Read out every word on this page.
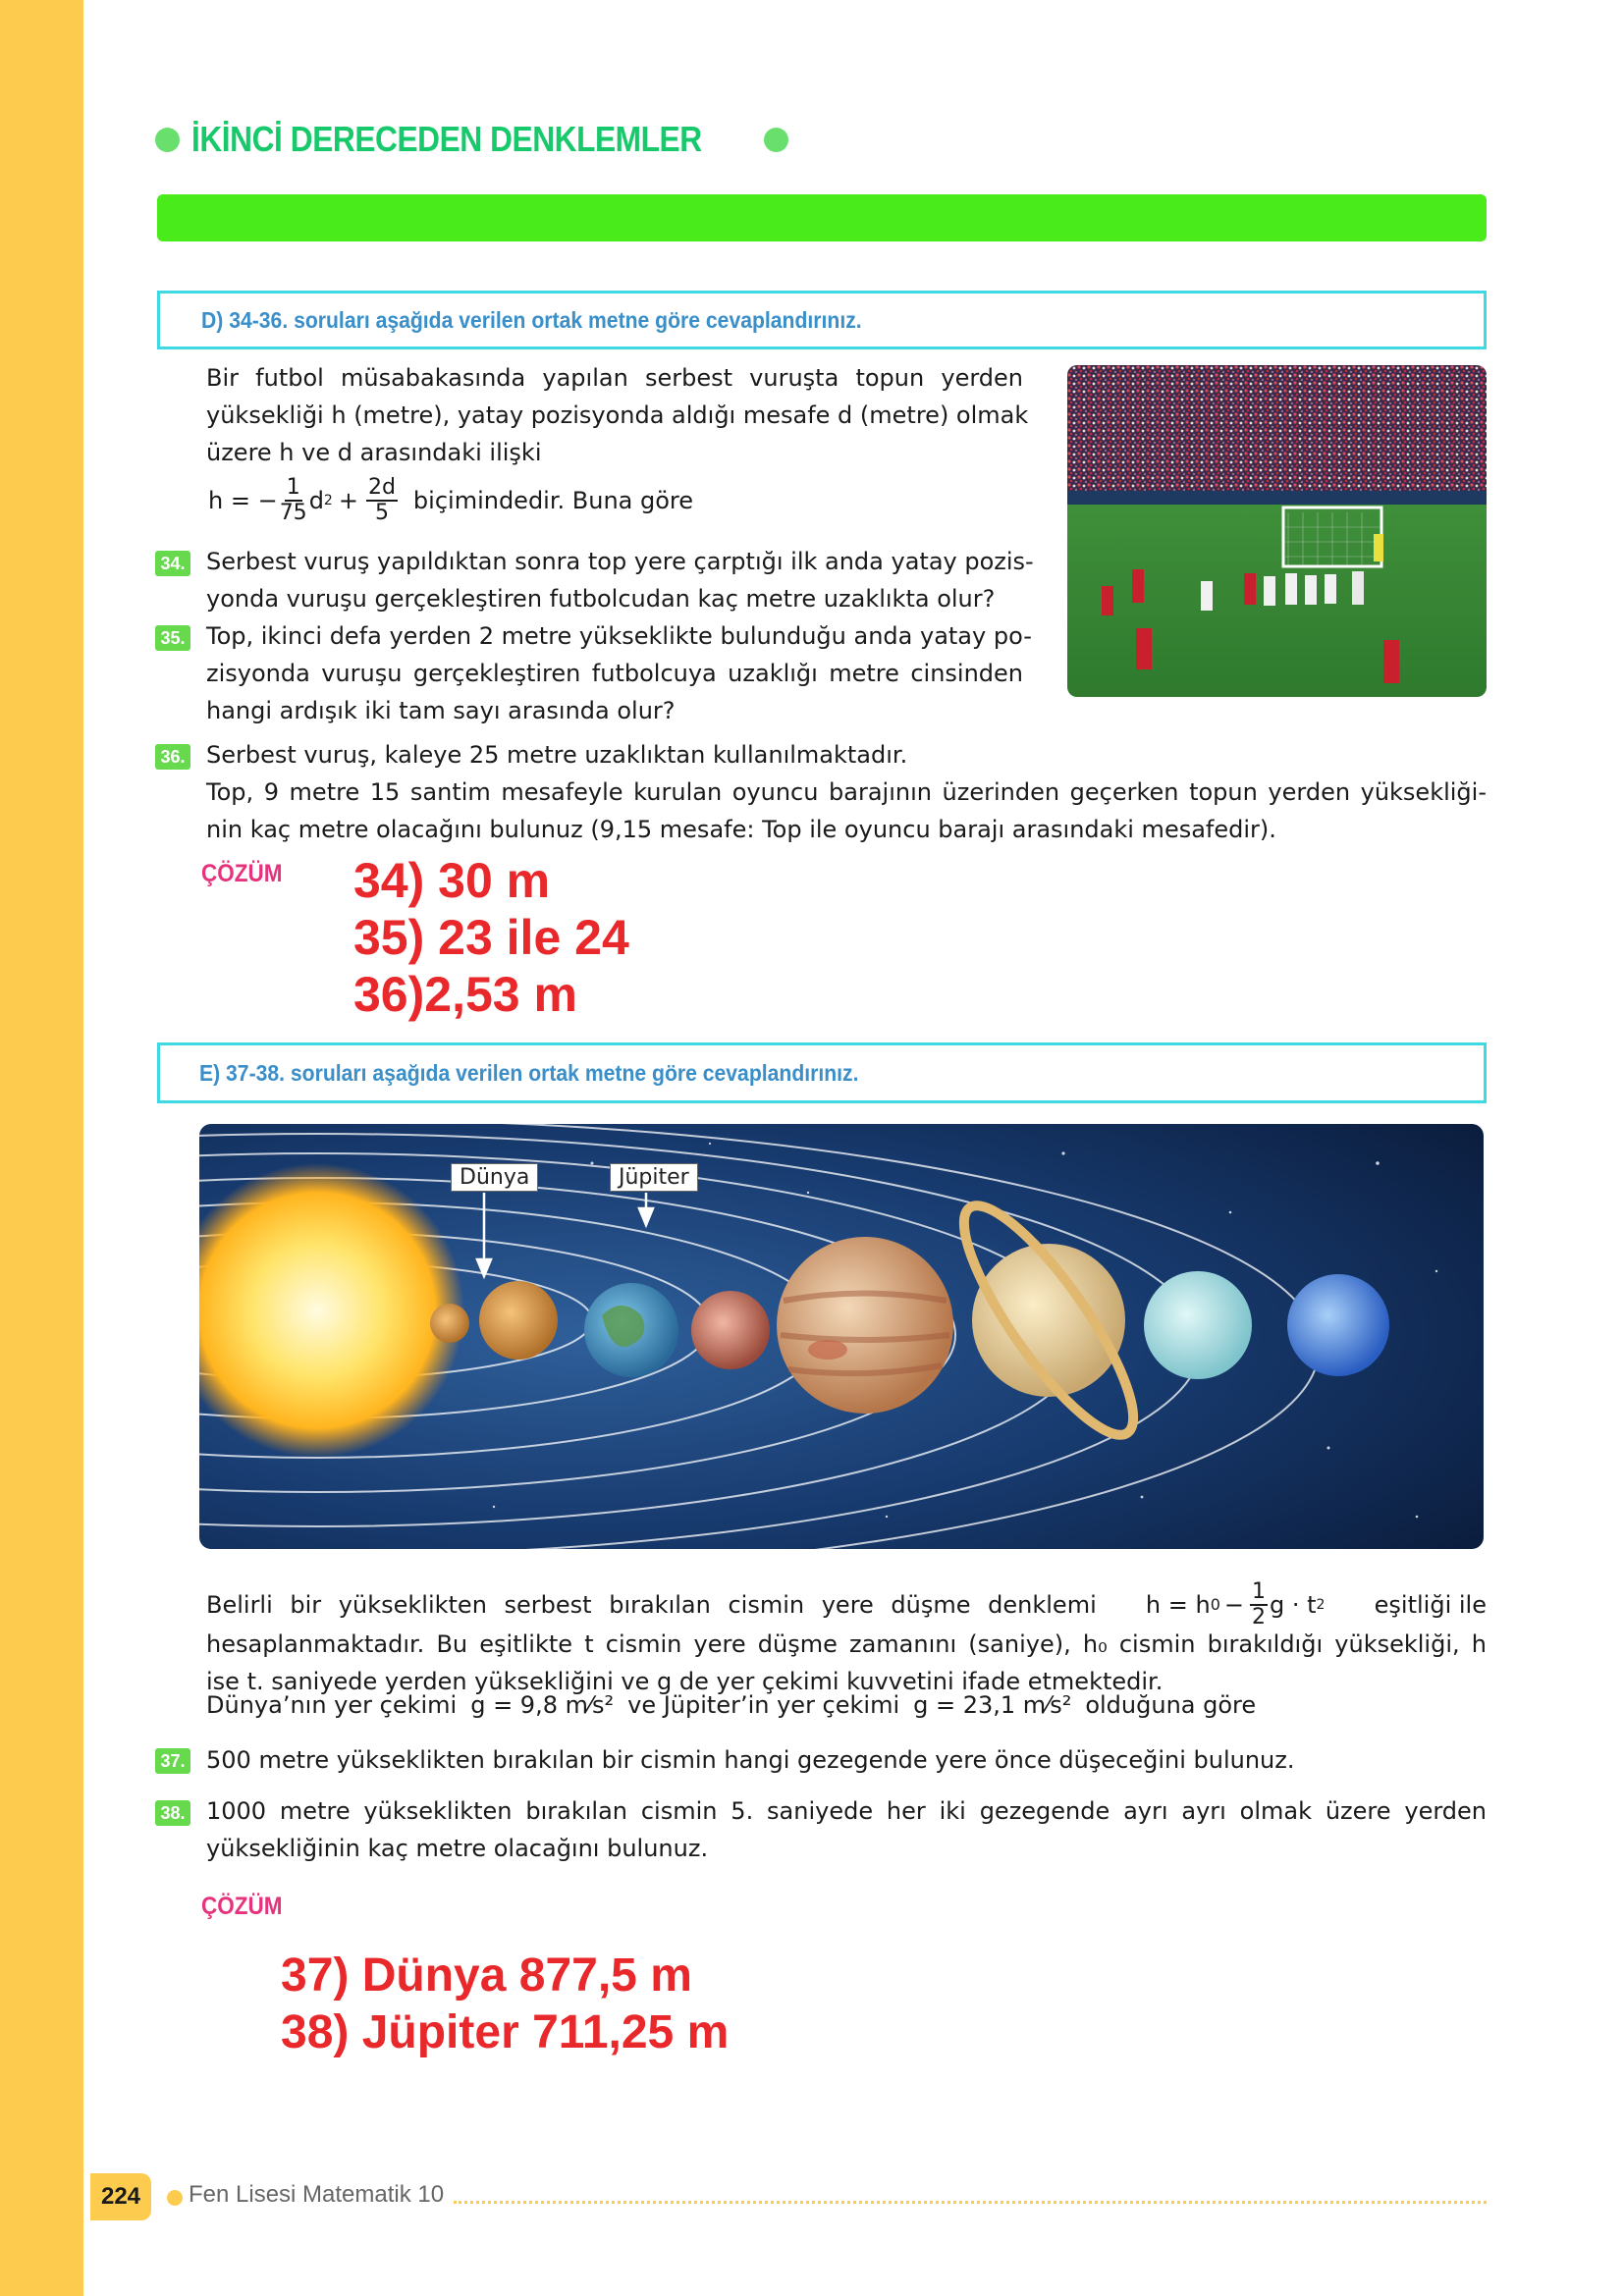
İKİNCİ DERECEDEN DENKLEMLER
D) 34-36. soruları aşağıda verilen ortak metne göre cevaplandırınız.
Bir futbol müsabakasında yapılan serbest vuruşta topun yerden
yüksekliği h (metre), yatay pozisyonda aldığı mesafe d (metre) olmak
üzere h ve d arasındaki ilişki
h = − $\frac{1}{75}$ d $2 + \frac{2d}{5}$ biçimindedir. Buna göre
34. Serbest vuruş yapıldıktan sonra top yere çarptığı ilk anda yatay pozis-
yonda vuruşu gerçekleştiren futbolcudan kaç metre uzaklıkta olur?
35. Top, ikinci defa yerden 2 metre yükseklikte bulunduğu anda yatay po-
zisyonda vuruşu gerçekleştiren futbolcuya uzaklığı metre cinsinden
hangi ardışık iki tam sayı arasında olur?
36. Serbest vuruş, kaleye 25 metre uzaklıktan kullanılmaktadır.
Top, 9 metre 15 santim mesafeyle kurulan oyuncu barajının üzerinden geçerken topun yerden yüksekliği-
nin kaç metre olacağını bulunuz (9,15 mesafe: Top ile oyuncu barajı arasındaki mesafedir).
ÇÖZÜM 34) 30 m
35) 23 ile 24
36)2,53 m
E) 37-38. soruları aşağıda verilen ortak metne göre cevaplandırınız.
Dünya	Jüpiter
Belirli bir yükseklikten serbest bırakılan cismin yere düşme denklemi h = h $0 - \frac{1}{2}$ g · t 2 eşitliği ile
hesaplanmaktadır. Bu eşitlikte t cismin yere düşme zamanını (saniye), h₀ cismin bırakıldığı yüksekliği, h
ise t. saniyede yerden yüksekliğini ve g de yer çekimi kuvvetini ifade etmektedir.
Dünya’nın yer çekimi g = 9,8 m⁄s² ve Jüpiter’in yer çekimi g = 23,1 m⁄s² olduğuna göre
37. 500 metre yükseklikten bırakılan bir cismin hangi gezegende yere önce düşeceğini bulunuz.
38. 1000 metre yükseklikten bırakılan cismin 5. saniyede her iki gezegende ayrı ayrı olmak üzere yerden
yüksekliğinin kaç metre olacağını bulunuz.
ÇÖZÜM
37) Dünya 877,5 m
38) Jüpiter 711,25 m
224	Fen Lisesi Matematik 10
